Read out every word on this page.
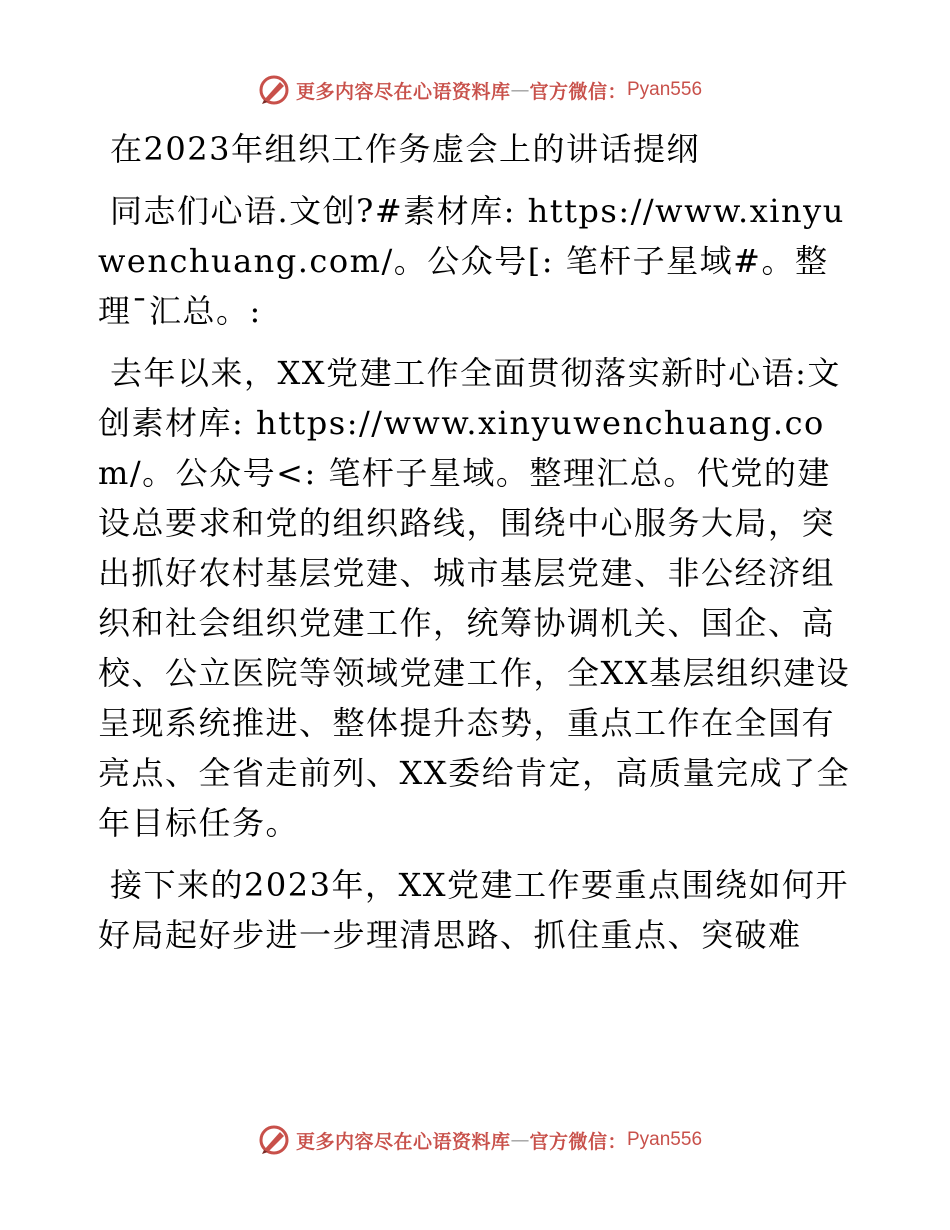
更多内容尽在心语资料库 — 官方微信： Pyan556

在2023年组织工作务虚会上的讲话提纲

同志们心语.文创?#素材库: https://www.xinyuwenchuang.com/。公众号[: 笔杆子星域#。整理¯汇总。:

去年以来，XX党建工作全面贯彻落实新时心语:文创素材库: https://www.xinyuwenchuang.com/。公众号<: 笔杆子星域。整理汇总。代党的建设总要求和党的组织路线，围绕中心服务大局，突出抓好农村基层党建、城市基层党建、非公经济组织和社会组织党建工作，统筹协调机关、国企、高校、公立医院等领域党建工作，全XX基层组织建设呈现系统推进、整体提升态势，重点工作在全国有亮点、全省走前列、XX委给肯定，高质量完成了全年目标任务。

接下来的2023年，XX党建工作要重点围绕如何开好局起好步进一步理清思路、抓住重点、突破难

更多内容尽在心语资料库 — 官方微信： Pyan556
